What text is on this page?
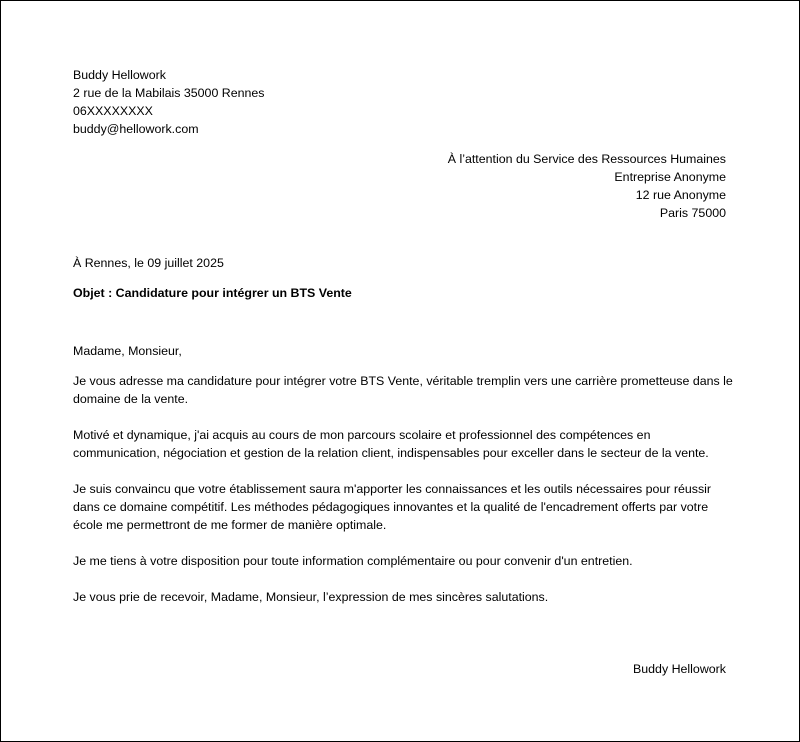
Buddy Hellowork
2 rue de la Mabilais 35000 Rennes
06XXXXXXXX
buddy@hellowork.com
À l’attention du Service des Ressources Humaines
Entreprise Anonyme
12 rue Anonyme
Paris 75000
À Rennes, le 09 juillet 2025
Objet : Candidature pour intégrer un BTS Vente

Madame, Monsieur,

Je vous adresse ma candidature pour intégrer votre BTS Vente, véritable tremplin vers une carrière prometteuse dans le domaine de la vente.

Motivé et dynamique, j'ai acquis au cours de mon parcours scolaire et professionnel des compétences en communication, négociation et gestion de la relation client, indispensables pour exceller dans le secteur de la vente.

Je suis convaincu que votre établissement saura m'apporter les connaissances et les outils nécessaires pour réussir dans ce domaine compétitif. Les méthodes pédagogiques innovantes et la qualité de l'encadrement offerts par votre école me permettront de me former de manière optimale.

Je me tiens à votre disposition pour toute information complémentaire ou pour convenir d'un entretien.

Je vous prie de recevoir, Madame, Monsieur, l’expression de mes sincères salutations.

Buddy Hellowork
